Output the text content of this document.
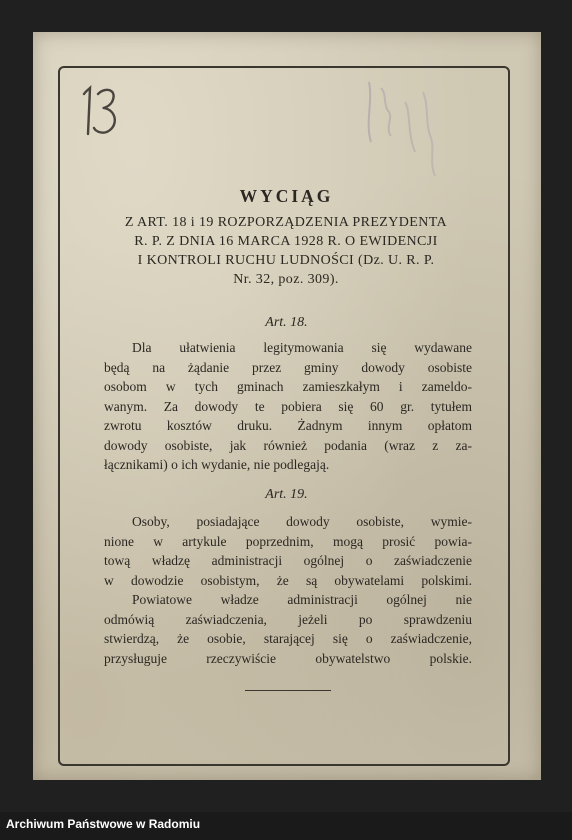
WYCIĄG
Z ART. 18 i 19 ROZPORZĄDZENIA PREZYDENTA
R. P. Z DNIA 16 MARCA 1928 R. O EWIDENCJI
I KONTROLI RUCHU LUDNOŚCI (Dz. U. R. P.
Nr. 32, poz. 309).
Art. 18.
Dla ułatwienia legitymowania się wydawane
będą na żądanie przez gminy dowody osobiste
osobom w tych gminach zamieszkałym i zameldo-
wanym. Za dowody te pobiera się 60 gr. tytułem
zwrotu kosztów druku. Żadnym innym opłatom
dowody osobiste, jak również podania (wraz z za-
łącznikami) o ich wydanie, nie podlegają.
Art. 19.
Osoby, posiadające dowody osobiste, wymie-
nione w artykule poprzednim, mogą prosić powia-
tową władzę administracji ogólnej o zaświadczenie
w dowodzie osobistym, że są obywatelami polskimi.
Powiatowe władze administracji ogólnej nie
odmówią zaświadczenia, jeżeli po sprawdzeniu
stwierdzą, że osobie, starającej się o zaświadczenie,
przysługuje rzeczywiście obywatelstwo polskie.
Archiwum Państwowe w Radomiu
